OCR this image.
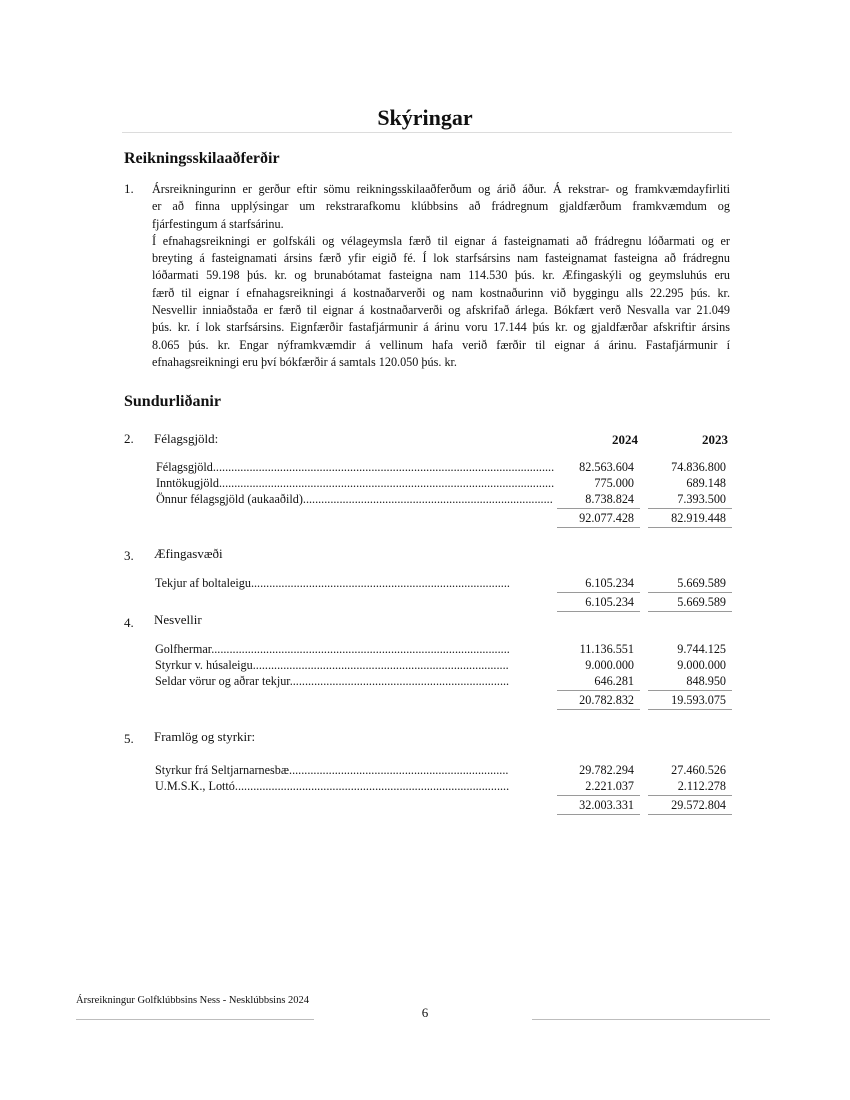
Skýringar
Reikningsskilaaðferðir
1. Ársreikningurinn er gerður eftir sömu reikningsskilaaðferðum og árið áður. Á rekstrar- og framkvæmdayfirliti
er að finna upplýsingar um rekstrarafkomu klúbbsins að frádregnum gjaldfærðum framkvæmdum og
fjárfestingum á starfsárinu.
Í efnahagsreikningi er golfskáli og vélageymsla færð til eignar á fasteignamati að frádregnu lóðarmati og er
breyting á fasteignamati ársins færð yfir eigið fé. Í lok starfsársins nam fasteignamat fasteigna að frádregnu
lóðarmati 59.198 þús. kr. og brunabótamat fasteigna nam 114.530 þús. kr. Æfingaskýli og geymsluhús eru
færð til eignar í efnahagsreikningi á kostnaðarverði og nam kostnaðurinn við byggingu alls 22.295 þús. kr.
Nesvellir inniaðstaða er færð til eignar á kostnaðarverði og afskrifað árlega. Bókfært verð Nesvalla var 21.049
þús. kr. í lok starfsársins. Eignfærðir fastafjármunir á árinu voru 17.144 þús kr. og gjaldfærðar afskriftir ársins
8.065 þús. kr. Engar nýframkvæmdir á vellinum hafa verið færðir til eignar á árinu. Fastafjármunir í
efnahagsreikningi eru því bókfærðir á samtals 120.050 þús. kr.
Sundurliðanir
2. Félagsgjöld:	2024	2023
Félagsgjöld................................................................................................................	82.563.604	74.836.800
Inntökugjöld..............................................................................................................	775.000	689.148
Önnur félagsgjöld (aukaaðild)..................................................................................	8.738.824	7.393.500
92.077.428	82.919.448
3. Æfingasvæði
Tekjur af boltaleigu.....................................................................................	6.105.234	5.669.589
6.105.234	5.669.589
4. Nesvellir
Golfhermar..................................................................................................	11.136.551	9.744.125
Styrkur v. húsaleigu....................................................................................	9.000.000	9.000.000
Seldar vörur og aðrar tekjur........................................................................	646.281	848.950
20.782.832	19.593.075
5. Framlög og styrkir:
Styrkur frá Seltjarnarnesbæ........................................................................	29.782.294	27.460.526
U.M.S.K., Lottó..........................................................................................	2.221.037	2.112.278
32.003.331	29.572.804
Ársreikningur Golfklúbbsins Ness - Nesklúbbsins 2024
6
